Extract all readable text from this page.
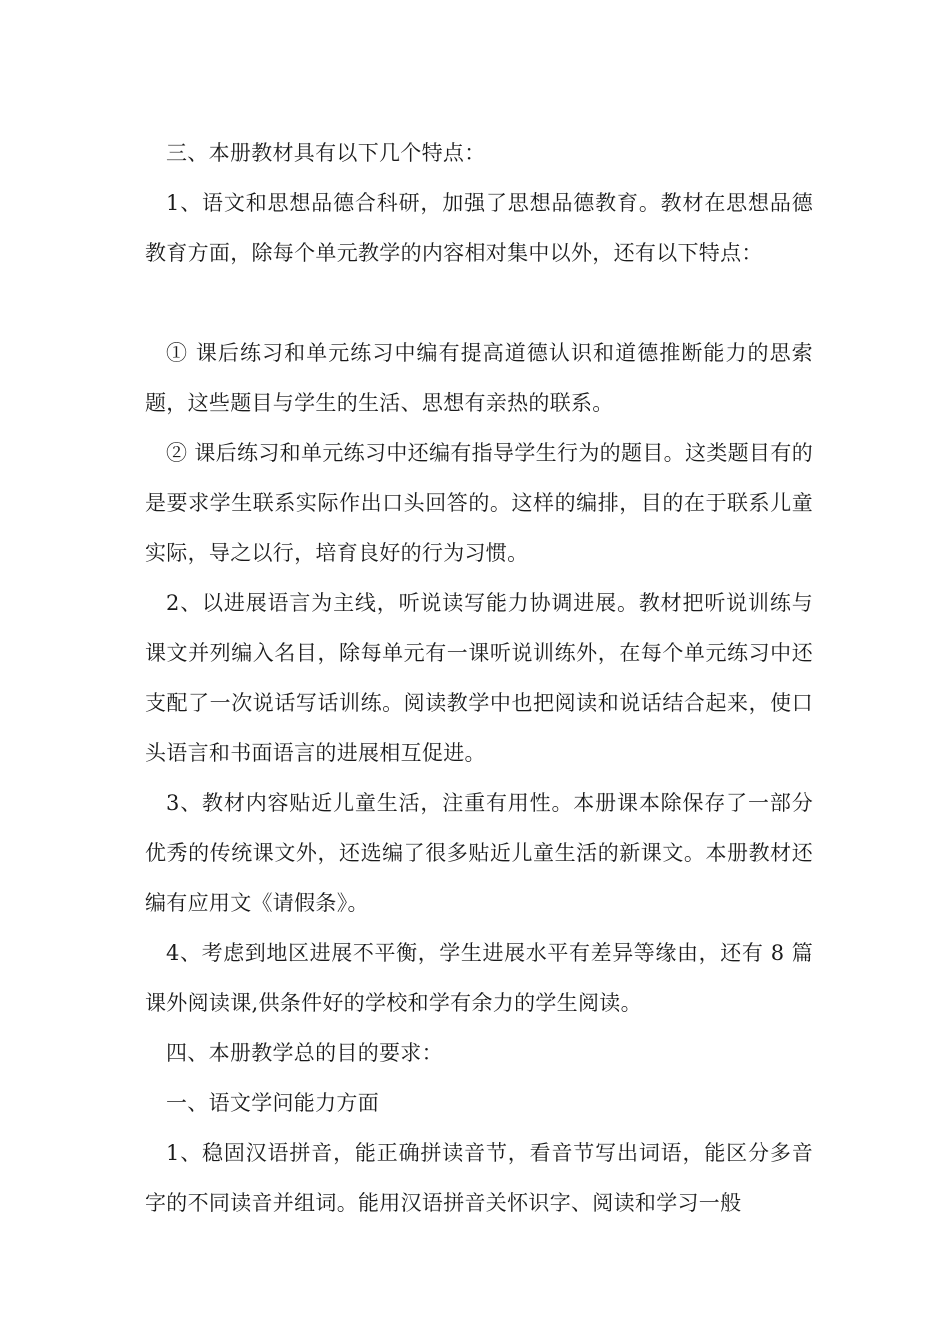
三、本册教材具有以下几个特点：

1、语文和思想品德合科研，加强了思想品德教育。教材在思想品德教育方面，除每个单元教学的内容相对集中以外，还有以下特点：

① 课后练习和单元练习中编有提高道德认识和道德推断能力的思索题，这些题目与学生的生活、思想有亲热的联系。

② 课后练习和单元练习中还编有指导学生行为的题目。这类题目有的是要求学生联系实际作出口头回答的。这样的编排，目的在于联系儿童实际，导之以行，培育良好的行为习惯。

2、以进展语言为主线，听说读写能力协调进展。教材把听说训练与课文并列编入名目，除每单元有一课听说训练外，在每个单元练习中还支配了一次说话写话训练。阅读教学中也把阅读和说话结合起来，使口头语言和书面语言的进展相互促进。

3、教材内容贴近儿童生活，注重有用性。本册课本除保存了一部分优秀的传统课文外，还选编了很多贴近儿童生活的新课文。本册教材还编有应用文《请假条》。

4、考虑到地区进展不平衡，学生进展水平有差异等缘由，还有 8 篇课外阅读课,供条件好的学校和学有余力的学生阅读。

四、本册教学总的目的要求：

一、语文学问能力方面

1、稳固汉语拼音，能正确拼读音节，看音节写出词语，能区分多音字的不同读音并组词。能用汉语拼音关怀识字、阅读和学习一般
